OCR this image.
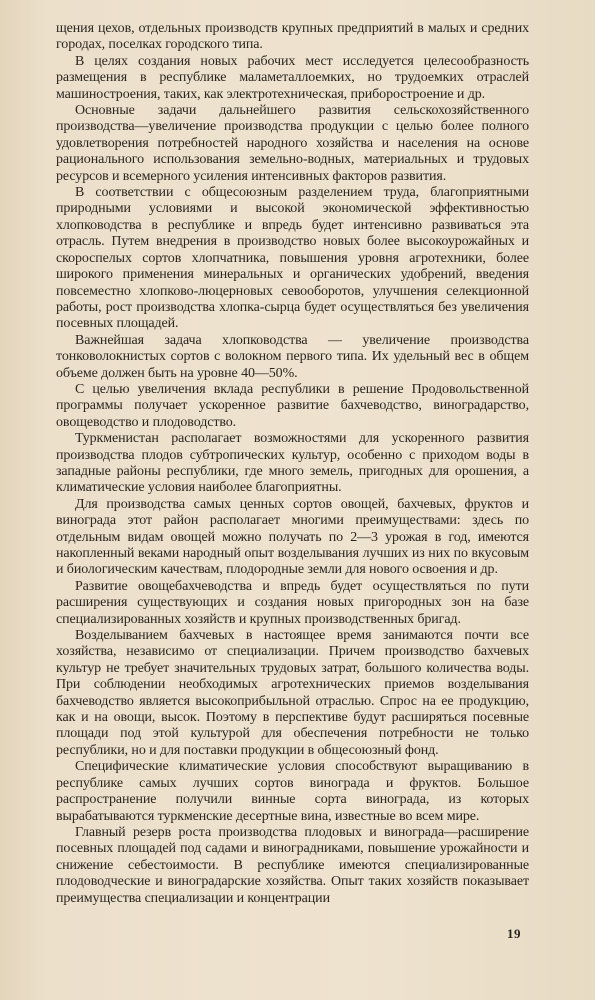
щения цехов, отдельных производств крупных предприятий в малых и средних городах, поселках городского типа.

В целях создания новых рабочих мест исследуется целесообразность размещения в республике маламеталлоемких, но трудоемких отраслей машиностроения, таких, как электротехническая, приборостроение и др.

Основные задачи дальнейшего развития сельскохозяйственного производства—увеличение производства продукции с целью более полного удовлетворения потребностей народного хозяйства и населения на основе рационального использования земельно-водных, материальных и трудовых ресурсов и всемерного усиления интенсивных факторов развития.

В соответствии с общесоюзным разделением труда, благоприятными природными условиями и высокой экономической эффективностью хлопководства в республике и впредь будет интенсивно развиваться эта отрасль. Путем внедрения в производство новых более высокоурожайных и скороспелых сортов хлопчатника, повышения уровня агротехники, более широкого применения минеральных и органических удобрений, введения повсеместно хлопково-люцерновых севооборотов, улучшения селекционной работы, рост производства хлопка-сырца будет осуществляться без увеличения посевных площадей.

Важнейшая задача хлопководства — увеличение производства тонковолокнистых сортов с волокном первого типа. Их удельный вес в общем объеме должен быть на уровне 40—50%.

С целью увеличения вклада республики в решение Продовольственной программы получает ускоренное развитие бахчеводство, виноградарство, овощеводство и плодоводство.

Туркменистан располагает возможностями для ускоренного развития производства плодов субтропических культур, особенно с приходом воды в западные районы республики, где много земель, пригодных для орошения, а климатические условия наиболее благоприятны.

Для производства самых ценных сортов овощей, бахчевых, фруктов и винограда этот район располагает многими преимуществами: здесь по отдельным видам овощей можно получать по 2—3 урожая в год, имеются накопленный веками народный опыт возделывания лучших из них по вкусовым и биологическим качествам, плодородные земли для нового освоения и др.

Развитие овощебахчеводства и впредь будет осуществляться по пути расширения существующих и создания новых пригородных зон на базе специализированных хозяйств и крупных производственных бригад.

Возделыванием бахчевых в настоящее время занимаются почти все хозяйства, независимо от специализации. Причем производство бахчевых культур не требует значительных трудовых затрат, большого количества воды. При соблюдении необходимых агротехнических приемов возделывания бахчеводство является высокоприбыльной отраслью. Спрос на ее продукцию, как и на овощи, высок. Поэтому в перспективе будут расширяться посевные площади под этой культурой для обеспечения потребности не только республики, но и для поставки продукции в общесоюзный фонд.

Специфические климатические условия способствуют выращиванию в республике самых лучших сортов винограда и фруктов. Большое распространение получили винные сорта винограда, из которых вырабатываются туркменские десертные вина, известные во всем мире.

Главный резерв роста производства плодовых и винограда—расширение посевных площадей под садами и виноградниками, повышение урожайности и снижение себестоимости. В республике имеются специализированные плодоводческие и виноградарские хозяйства. Опыт таких хозяйств показывает преимущества специализации и концентрации

19
